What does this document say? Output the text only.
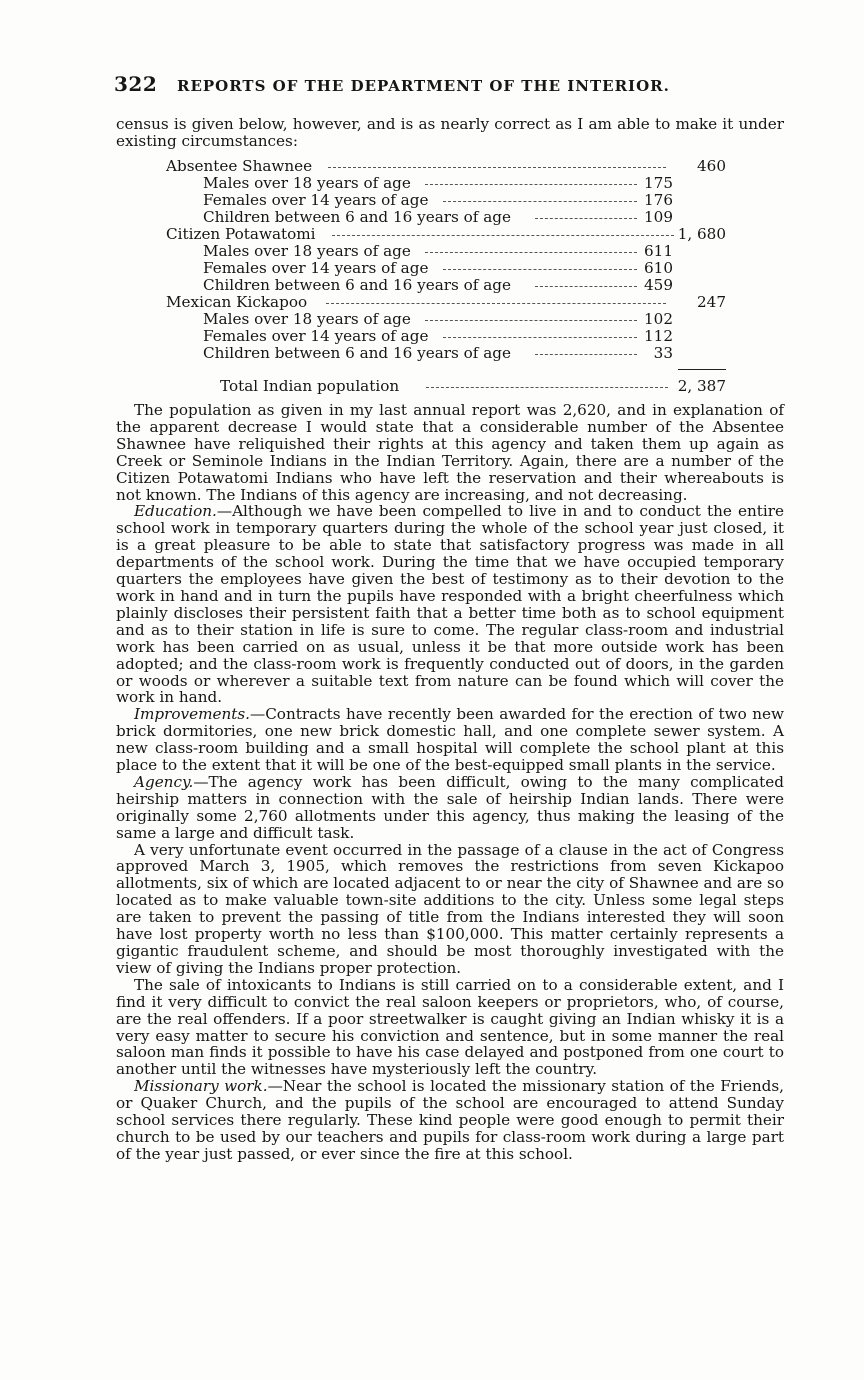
322 REPORTS OF THE DEPARTMENT OF THE INTERIOR.

census is given below, however, and is as nearly correct as I am able to make it under existing circumstances:

Absentee Shawnee	460
Males over 18 years of age	175
Females over 14 years of age	176
Children between 6 and 16 years of age	109
Citizen Potawatomi	1, 680
Males over 18 years of age	611
Females over 14 years of age	610
Children between 6 and 16 years of age	459
Mexican Kickapoo	247
Males over 18 years of age	102
Females over 14 years of age	112
Children between 6 and 16 years of age	33
Total Indian population	2, 387

The population as given in my last annual report was 2,620, and in explanation of the apparent decrease I would state that a considerable number of the Absentee Shawnee have reliquished their rights at this agency and taken them up again as Creek or Seminole Indians in the Indian Territory. Again, there are a number of the Citizen Potawatomi Indians who have left the reservation and their whereabouts is not known. The Indians of this agency are increasing, and not decreasing.

Education.—Although we have been compelled to live in and to conduct the entire school work in temporary quarters during the whole of the school year just closed, it is a great pleasure to be able to state that satisfactory progress was made in all departments of the school work. During the time that we have occupied temporary quarters the employees have given the best of testimony as to their devotion to the work in hand and in turn the pupils have responded with a bright cheerfulness which plainly discloses their persistent faith that a better time both as to school equipment and as to their station in life is sure to come. The regular class-room and industrial work has been carried on as usual, unless it be that more outside work has been adopted; and the class-room work is frequently conducted out of doors, in the garden or woods or wherever a suitable text from nature can be found which will cover the work in hand.

Improvements.—Contracts have recently been awarded for the erection of two new brick dormitories, one new brick domestic hall, and one complete sewer system. A new class-room building and a small hospital will complete the school plant at this place to the extent that it will be one of the best-equipped small plants in the service.

Agency.—The agency work has been difficult, owing to the many complicated heirship matters in connection with the sale of heirship Indian lands. There were originally some 2,760 allotments under this agency, thus making the leasing of the same a large and difficult task.

A very unfortunate event occurred in the passage of a clause in the act of Congress approved March 3, 1905, which removes the restrictions from seven Kickapoo allotments, six of which are located adjacent to or near the city of Shawnee and are so located as to make valuable town-site additions to the city. Unless some legal steps are taken to prevent the passing of title from the Indians interested they will soon have lost property worth no less than $100,000. This matter certainly represents a gigantic fraudulent scheme, and should be most thoroughly investigated with the view of giving the Indians proper protection.

The sale of intoxicants to Indians is still carried on to a considerable extent, and I find it very difficult to convict the real saloon keepers or proprietors, who, of course, are the real offenders. If a poor streetwalker is caught giving an Indian whisky it is a very easy matter to secure his conviction and sentence, but in some manner the real saloon man finds it possible to have his case delayed and postponed from one court to another until the witnesses have mysteriously left the country.

Missionary work.—Near the school is located the missionary station of the Friends, or Quaker Church, and the pupils of the school are encouraged to attend Sunday school services there regularly. These kind people were good enough to permit their church to be used by our teachers and pupils for class-room work during a large part of the year just passed, or ever since the fire at this school.
